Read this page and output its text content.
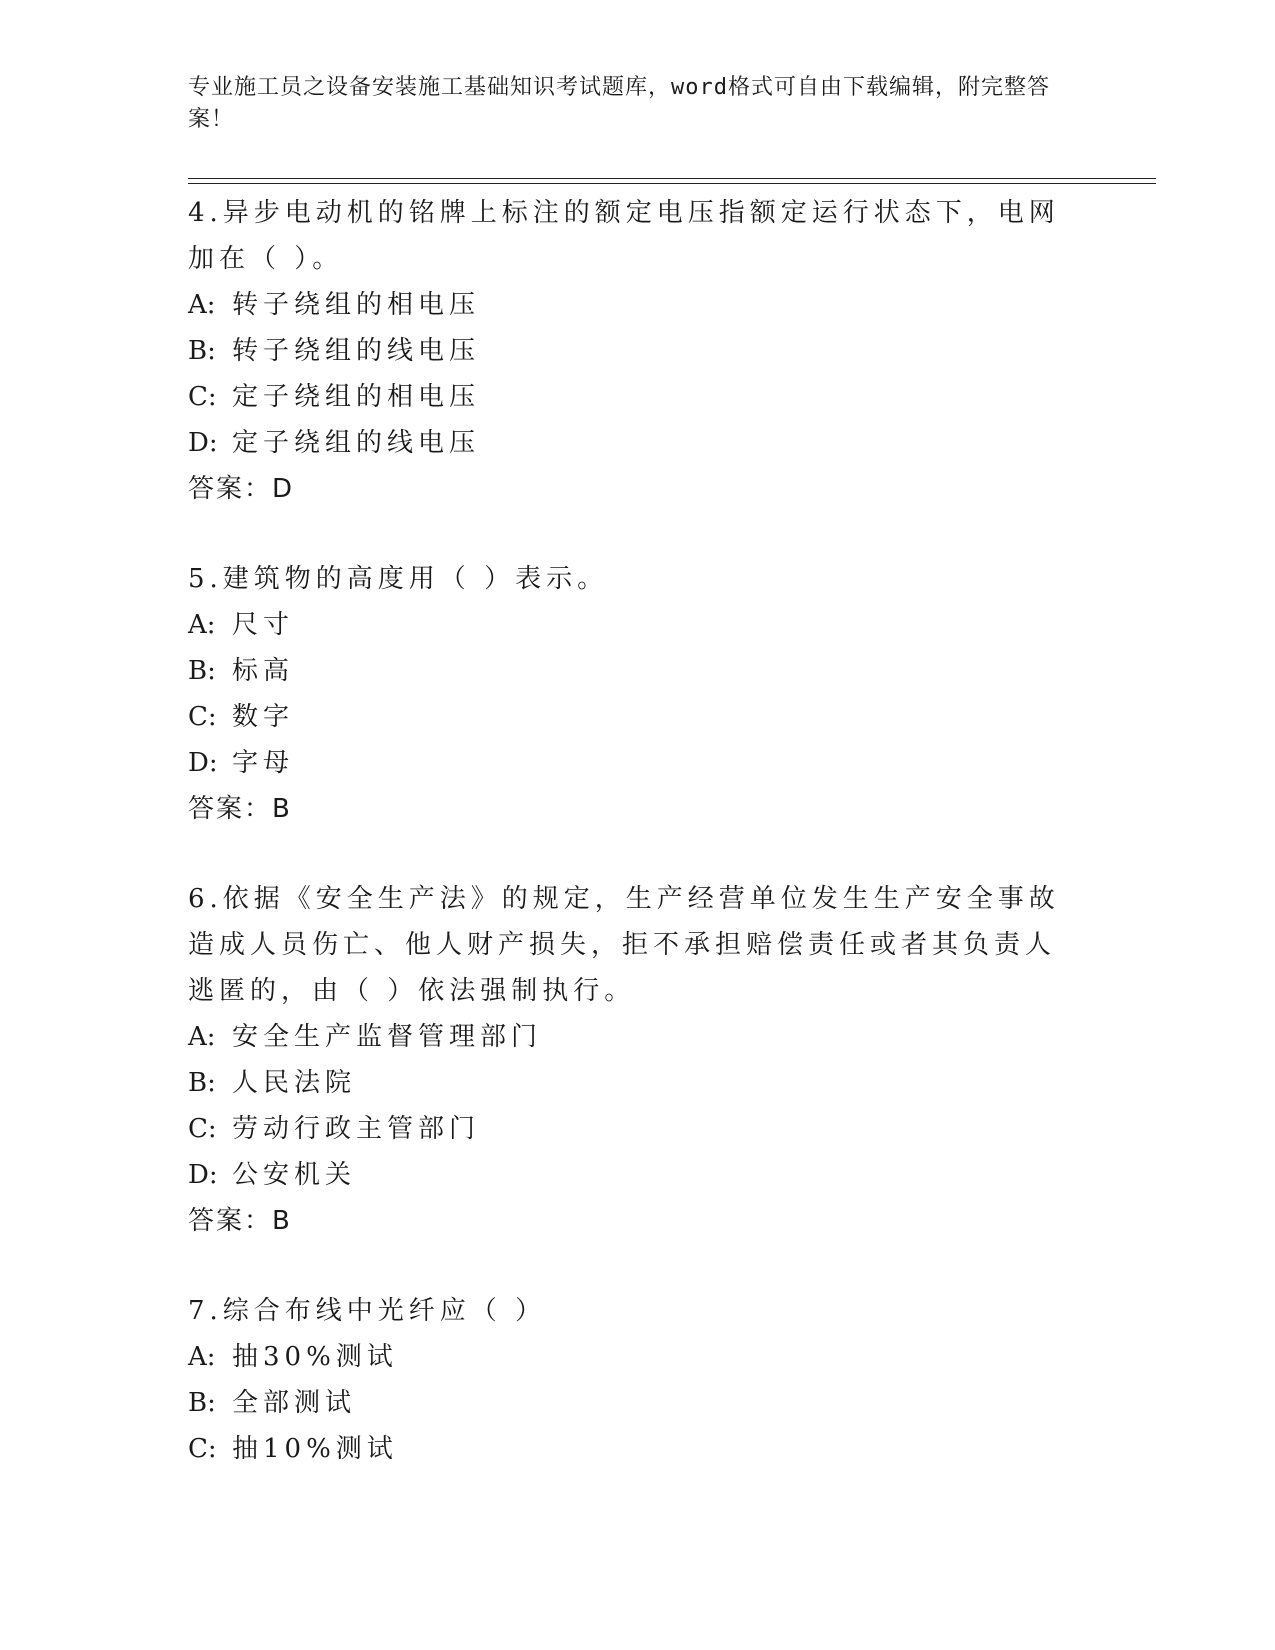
专业施工员之设备安装施工基础知识考试题库，word格式可自由下载编辑，附完整答案！

4.异步电动机的铭牌上标注的额定电压指额定运行状态下，电网加在（ ）。

A: 转子绕组的相电压

B: 转子绕组的线电压

C: 定子绕组的相电压

D: 定子绕组的线电压

答案：D

5.建筑物的高度用（ ）表示。

A: 尺寸

B: 标高

C: 数字

D: 字母

答案：B

6.依据《安全生产法》的规定，生产经营单位发生生产安全事故造成人员伤亡、他人财产损失，拒不承担赔偿责任或者其负责人逃匿的，由（ ）依法强制执行。

A: 安全生产监督管理部门

B: 人民法院

C: 劳动行政主管部门

D: 公安机关

答案：B

7.综合布线中光纤应（ ）

A: 抽30%测试

B: 全部测试

C: 抽10%测试
